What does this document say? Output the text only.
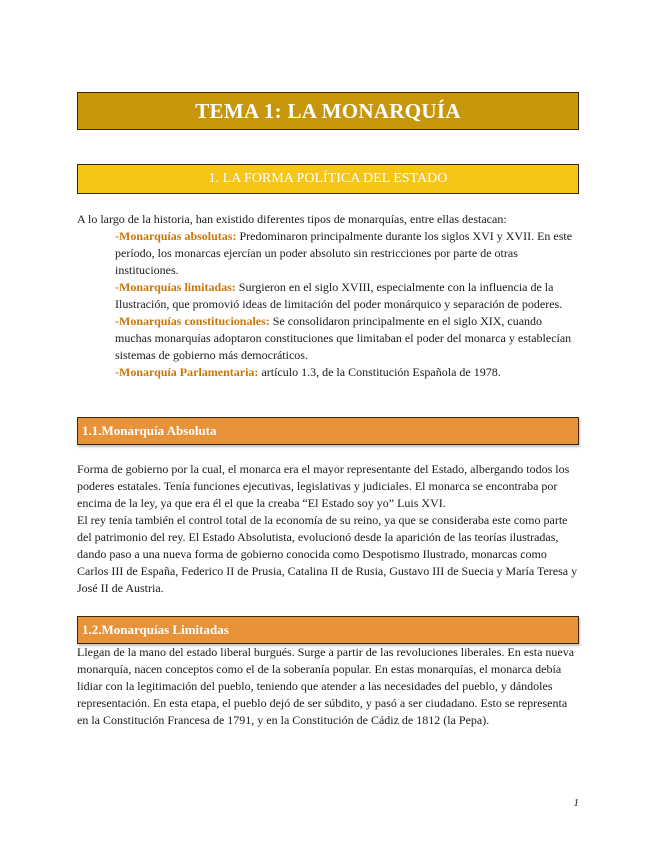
TEMA 1: LA MONARQUÍA
1. LA FORMA POLÍTICA DEL ESTADO
A lo largo de la historia, han existido diferentes tipos de monarquías, entre ellas destacan:
-Monarquías absolutas: Predominaron principalmente durante los siglos XVI y XVII. En este período, los monarcas ejercían un poder absoluto sin restricciones por parte de otras instituciones.
-Monarquías limitadas: Surgieron en el siglo XVIII, especialmente con la influencia de la Ilustración, que promovió ideas de limitación del poder monárquico y separación de poderes.
-Monarquías constitucionales: Se consolidaron principalmente en el siglo XIX, cuando muchas monarquías adoptaron constituciones que limitaban el poder del monarca y establecían sistemas de gobierno más democráticos.
-Monarquía Parlamentaria: artículo 1.3, de la Constitución Española de 1978.
1.1.Monarquía Absoluta
Forma de gobierno por la cual, el monarca era el mayor representante del Estado, albergando todos los poderes estatales. Tenía funciones ejecutivas, legislativas y judiciales. El monarca se encontraba por encima de la ley, ya que era él el que la creaba “El Estado soy yo” Luis XVI.
El rey tenía también el control total de la economía de su reino, ya que se consideraba este como parte del patrimonio del rey. El Estado Absolutista, evolucionó desde la aparición de las teorías ilustradas, dando paso a una nueva forma de gobierno conocida como Despotismo Ilustrado, monarcas como Carlos III de España, Federico II de Prusia, Catalina II de Rusia, Gustavo III de Suecia y María Teresa y José II de Austria.
1.2.Monarquías Limitadas
Llegan de la mano del estado liberal burgués. Surge a partir de las revoluciones liberales. En esta nueva monarquía, nacen conceptos como el de la soberanía popular. En estas monarquías, el monarca debía lidiar con la legitimación del pueblo, teniendo que atender a las necesidades del pueblo, y dándoles representación. En esta etapa, el pueblo dejó de ser súbdito, y pasó a ser ciudadano. Esto se representa en la Constitución Francesa de 1791, y en la Constitución de Cádiz de 1812 (la Pepa).
1
